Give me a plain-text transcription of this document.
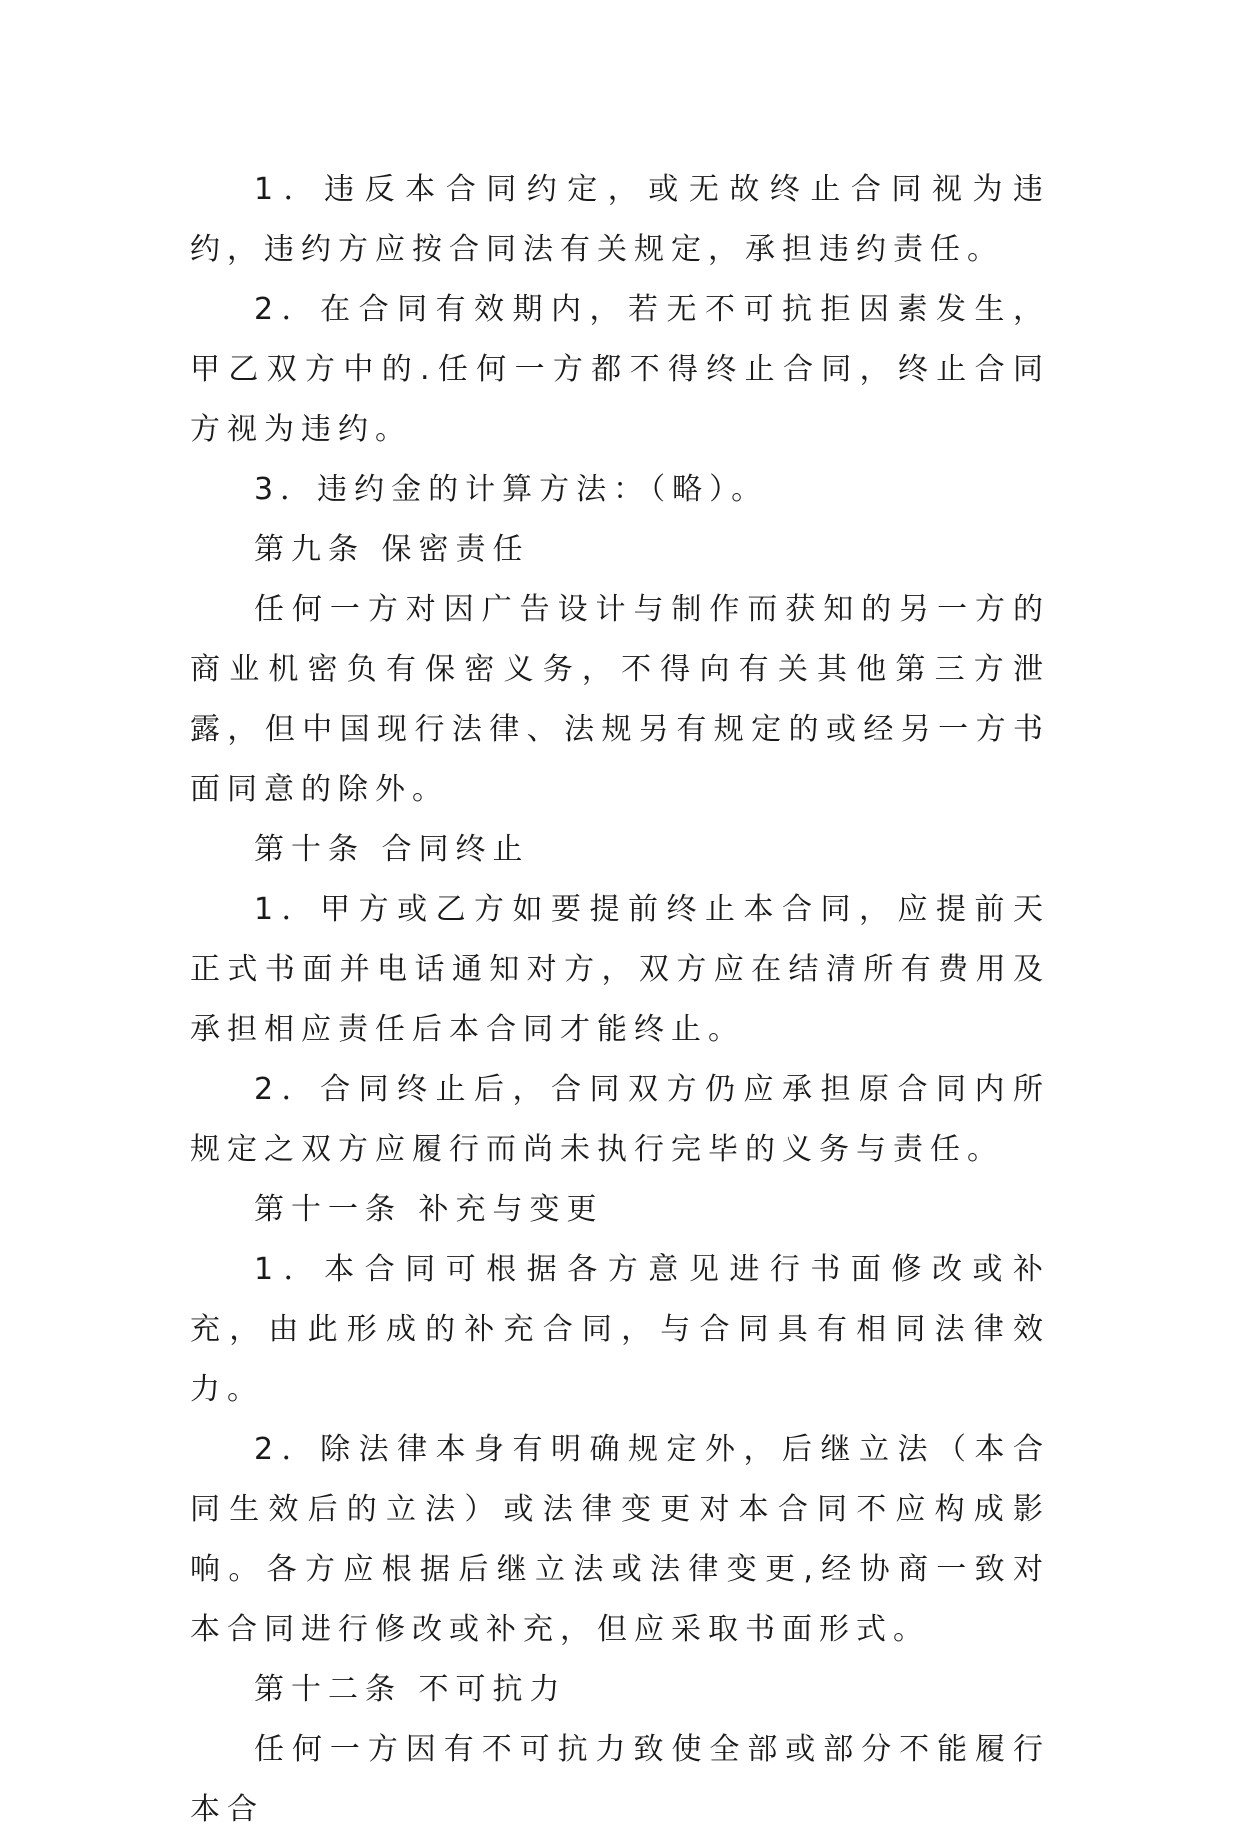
1．违反本合同约定，或无故终止合同视为违约，违约方应按合同法有关规定，承担违约责任。

2．在合同有效期内，若无不可抗拒因素发生，甲乙双方中的.任何一方都不得终止合同，终止合同方视为违约。

3．违约金的计算方法：（略）。

第九条 保密责任

任何一方对因广告设计与制作而获知的另一方的商业机密负有保密义务，不得向有关其他第三方泄露，但中国现行法律、法规另有规定的或经另一方书面同意的除外。

第十条 合同终止

1．甲方或乙方如要提前终止本合同，应提前天正式书面并电话通知对方，双方应在结清所有费用及承担相应责任后本合同才能终止。

2．合同终止后，合同双方仍应承担原合同内所规定之双方应履行而尚未执行完毕的义务与责任。

第十一条 补充与变更

1．本合同可根据各方意见进行书面修改或补充，由此形成的补充合同，与合同具有相同法律效力。

2．除法律本身有明确规定外，后继立法（本合同生效后的立法）或法律变更对本合同不应构成影响。各方应根据后继立法或法律变更,经协商一致对本合同进行修改或补充，但应采取书面形式。

第十二条 不可抗力

任何一方因有不可抗力致使全部或部分不能履行本合
